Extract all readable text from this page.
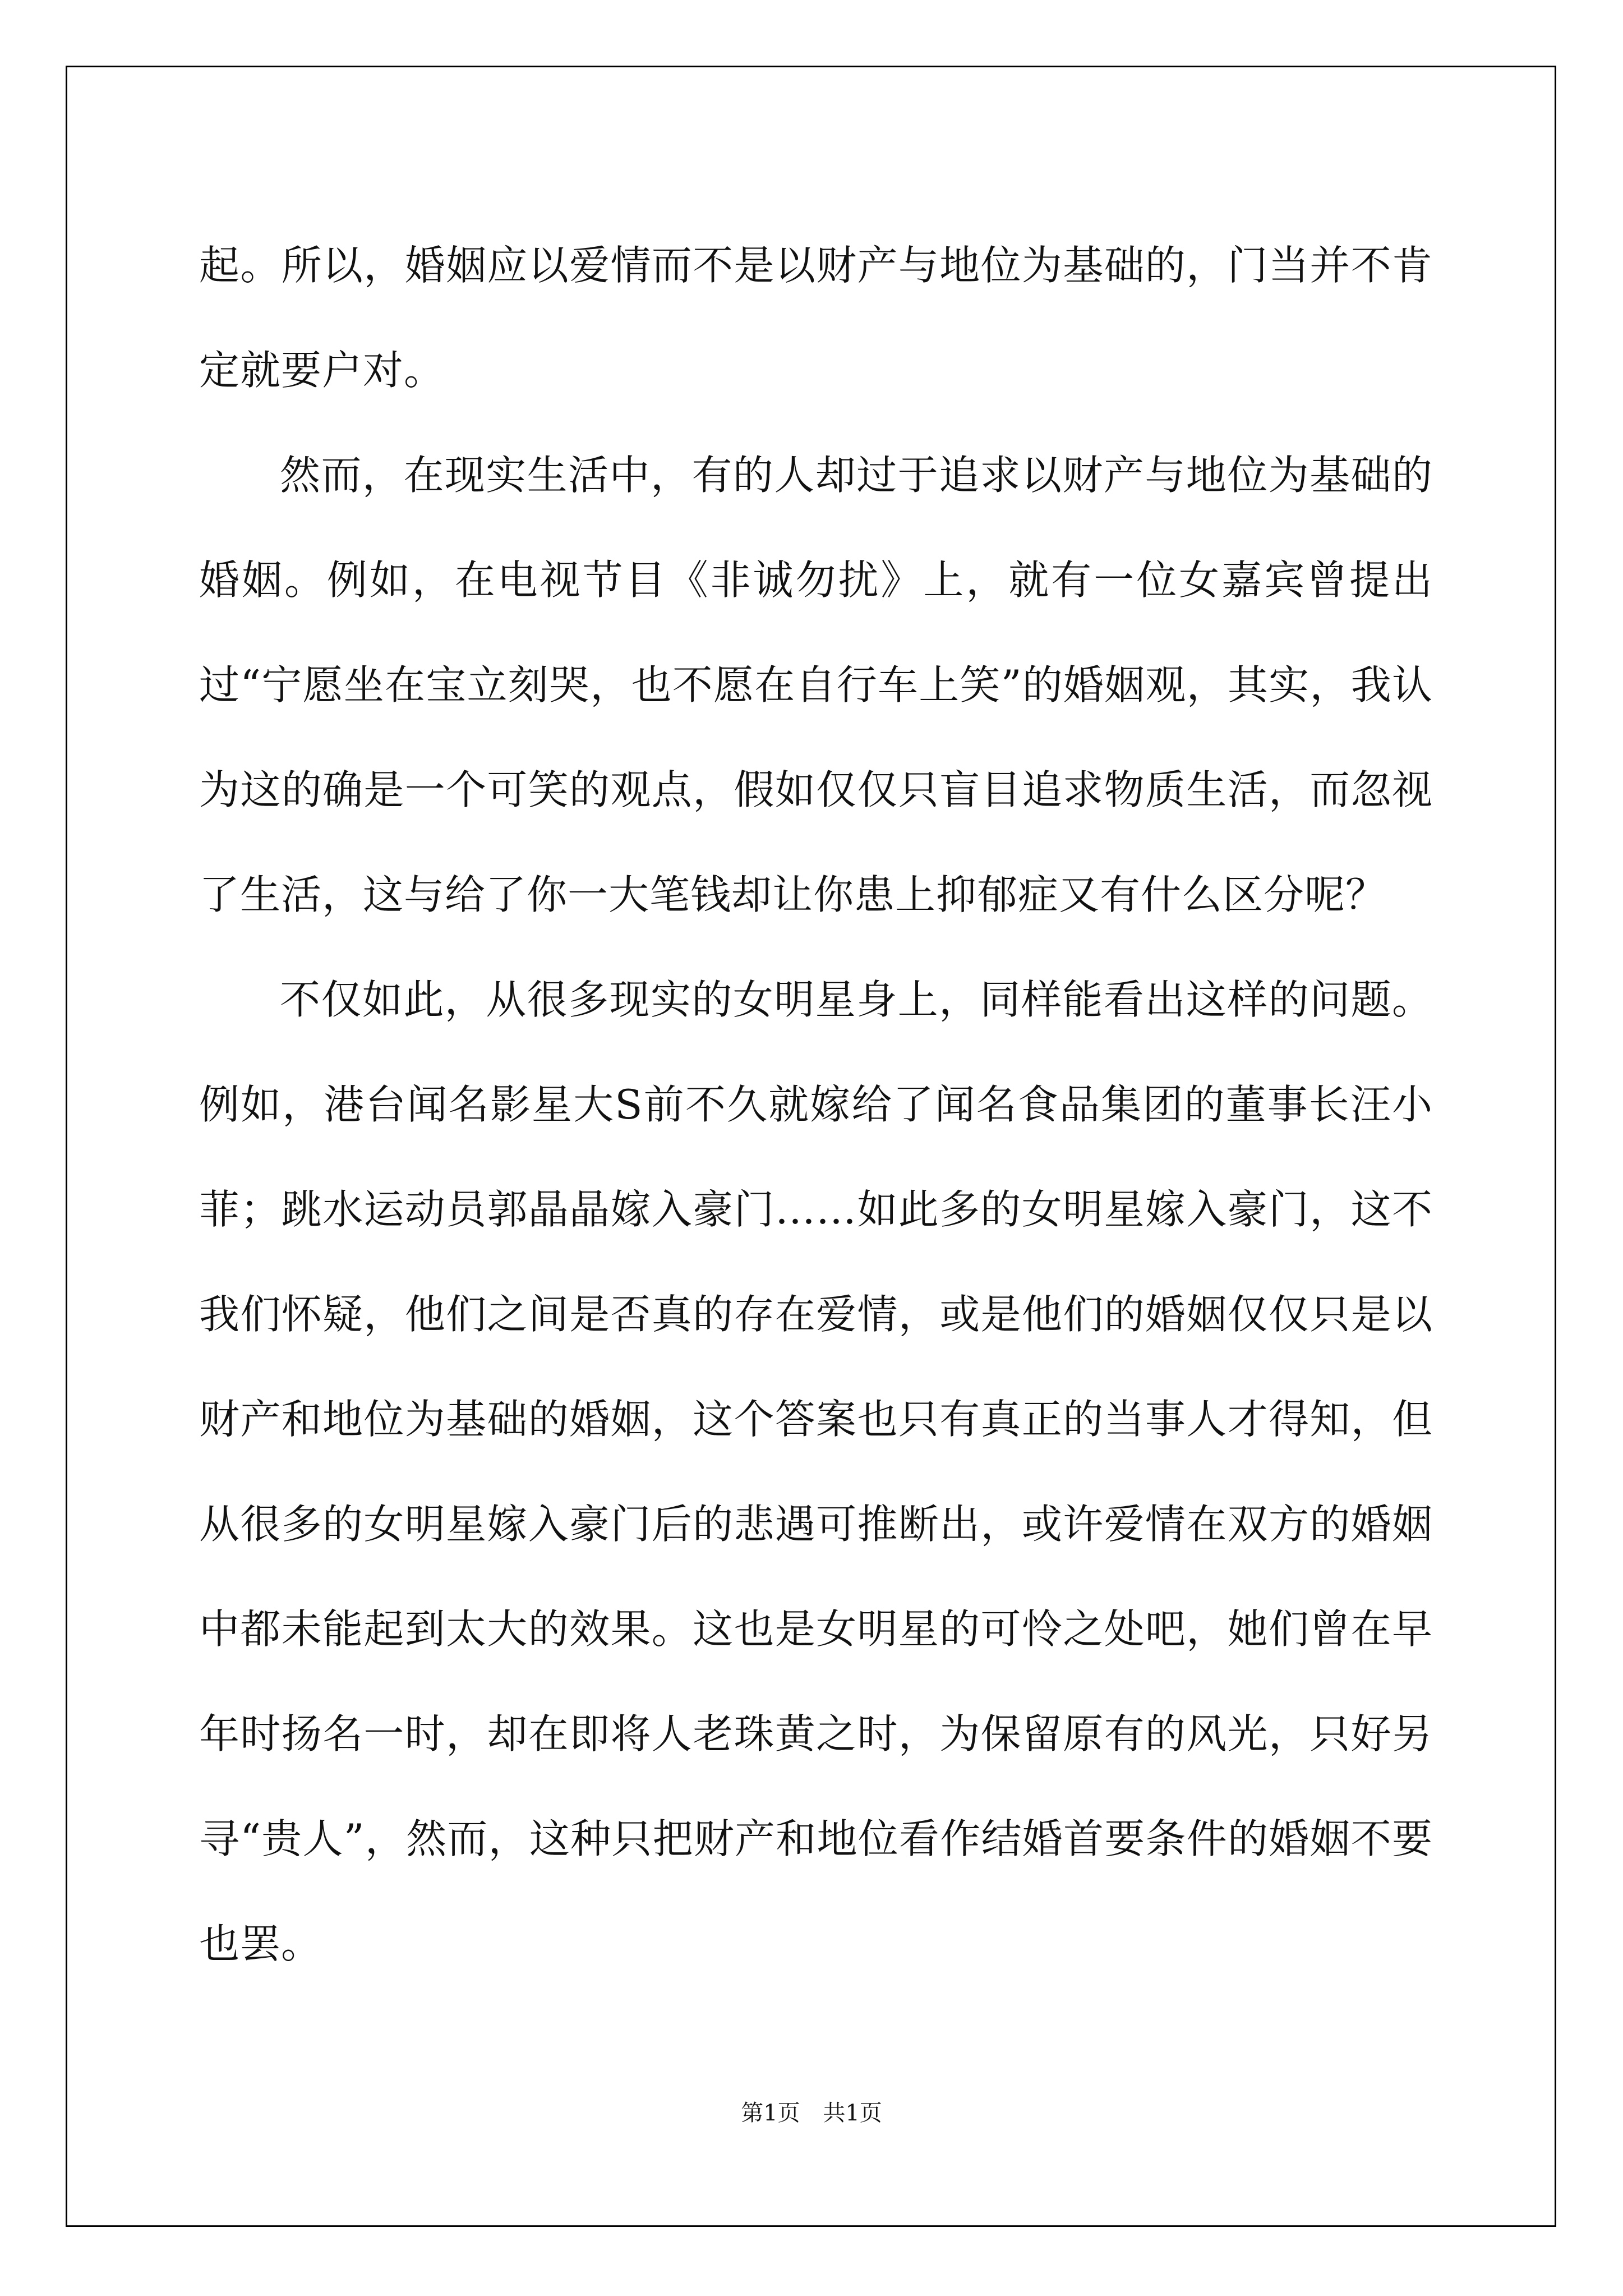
起。所以，婚姻应以爱情而不是以财产与地位为基础的，门当并不肯定就要户对。

然而，在现实生活中，有的人却过于追求以财产与地位为基础的婚姻。例如，在电视节目《非诚勿扰》上，就有一位女嘉宾曾提出过“宁愿坐在宝立刻哭，也不愿在自行车上笑”的婚姻观，其实，我认为这的确是一个可笑的观点，假如仅仅只盲目追求物质生活，而忽视了生活，这与给了你一大笔钱却让你患上抑郁症又有什么区分呢？

不仅如此，从很多现实的女明星身上，同样能看出这样的问题。例如，港台闻名影星大S前不久就嫁给了闻名食品集团的董事长汪小菲；跳水运动员郭晶晶嫁入豪门……如此多的女明星嫁入豪门，这不我们怀疑，他们之间是否真的存在爱情，或是他们的婚姻仅仅只是以财产和地位为基础的婚姻，这个答案也只有真正的当事人才得知，但从很多的女明星嫁入豪门后的悲遇可推断出，或许爱情在双方的婚姻中都未能起到太大的效果。这也是女明星的可怜之处吧，她们曾在早年时扬名一时，却在即将人老珠黄之时，为保留原有的风光，只好另寻“贵人”，然而，这种只把财产和地位看作结婚首要条件的婚姻不要也罢。

第1页 共1页
